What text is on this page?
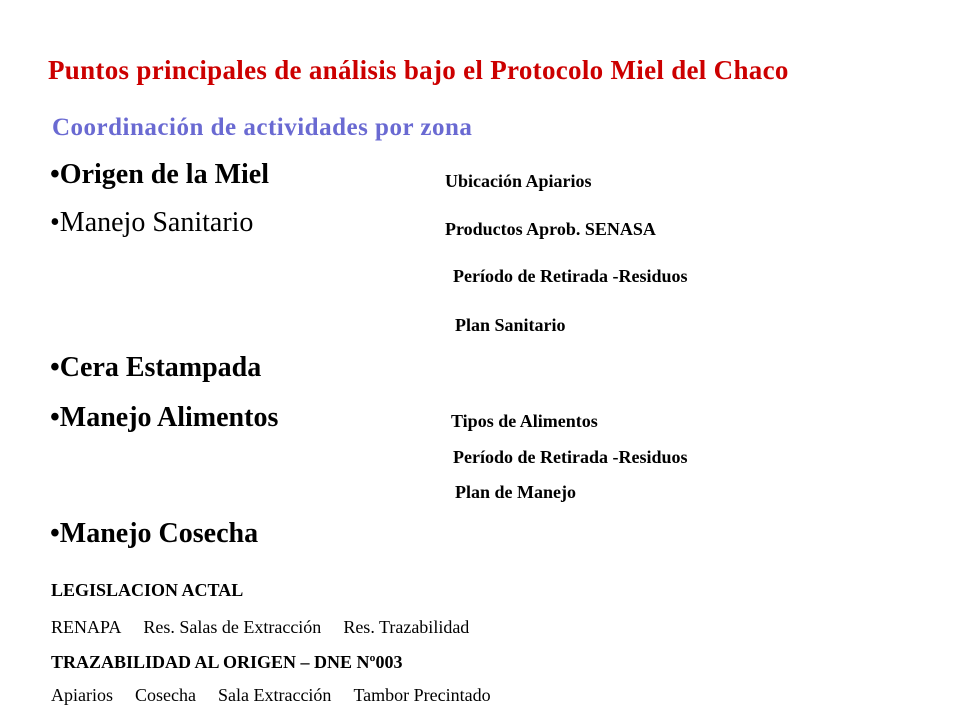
Puntos principales de análisis bajo el Protocolo Miel del Chaco
Coordinación de actividades por zona
•Origen de la Miel	Ubicación Apiarios
•Manejo Sanitario	Productos Aprob. SENASA
Período de Retirada -Residuos
Plan Sanitario
•Cera Estampada
•Manejo Alimentos	Tipos de Alimentos
Período de Retirada -Residuos
Plan de Manejo
•Manejo Cosecha
LEGISLACION ACTAL
RENAPA Res. Salas de Extracción Res. Trazabilidad
TRAZABILIDAD AL ORIGEN – DNE Nº003
Apiarios Cosecha Sala Extracción Tambor Precintado
